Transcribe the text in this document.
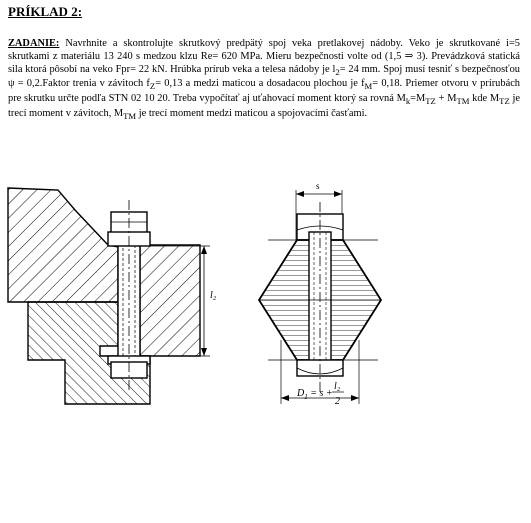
PRÍKLAD 2:
ZADANIE: Navrhnite a skontrolujte skrutkový predpätý spoj veka pretlakovej nádoby. Veko je skrutkované i=5 skrutkami z materiálu 13 240 s medzou klzu Re= 620 MPa. Mieru bezpečnosti volte od (1,5 ⇒ 3). Prevádzková statická sila ktorá pôsobí na veko Fpr= 22 kN. Hrúbka prírub veka a telesa nádoby je $l_2= 24$ mm. Spoj musí tesniť s bezpečnosťou ψ = 0,2.Faktor trenia v závitoch $f_Z= 0,13$ a medzi maticou a dosadacou plochou je $f_M= 0,18$. Priemer otvoru v prírubách pre skrutku určte podľa STN 02 10 20. Treba vypočítať aj uťahovací moment ktorý sa rovná $M_k=M_{TZ} + M_{TM}$ kde $M_{TZ}$ je trecí moment v závitoch, $M_{TM}$ je trecí moment medzi maticou a spojovacími časťami.
l₂
s
$D_1 = s$ +
l₂
2
